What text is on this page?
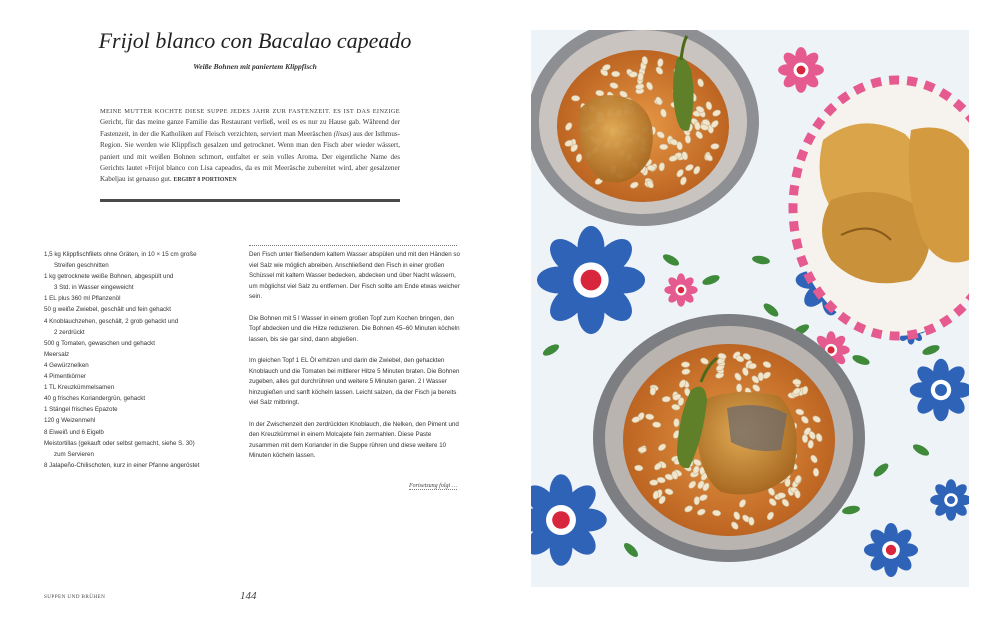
Frijol blanco con Bacalao capeado
Weiße Bohnen mit paniertem Klippfisch

MEINE MUTTER KOCHTE DIESE SUPPE JEDES JAHR ZUR FASTENZEIT. ES IST DAS EINZIGE Gericht, für das meine ganze Familie das Restaurant verließ, weil es es nur zu Hause gab. Während der Fastenzeit, in der die Katholiken auf Fleisch verzichten, serviert man Meeräschen (lisas) aus der Isthmus-Region. Sie werden wie Klippfisch gesalzen und getrocknet. Wenn man den Fisch aber wieder wässert, paniert und mit weißen Bohnen schmort, entfaltet er sein volles Aroma. Der eigentliche Name des Gerichts lautet »Frijol blanco con Lisa capeados, da es mit Meeräsche zubereitet wird, aber gesalzener Kabeljau ist genauso gut. ERGIBT 8 PORTIONEN

1,5 kg Klippfischfilets ohne Gräten, in 10 × 15 cm große
Streifen geschnitten
1 kg getrocknete weiße Bohnen, abgespült und
3 Std. in Wasser eingeweicht
1 EL plus 360 ml Pflanzenöl
50 g weiße Zwiebel, geschält und fein gehackt
4 Knoblauchzehen, geschält, 2 grob gehackt und
2 zerdrückt
500 g Tomaten, gewaschen und gehackt
Meersalz
4 Gewürznelken
4 Pimentkörner
1 TL Kreuzkümmelsamen
40 g frisches Koriandergrün, gehackt
1 Stängel frisches Epazote
120 g Weizenmehl
8 Eiweiß und 6 Eigelb
Meistortillas (gekauft oder selbst gemacht, siehe S. 30)
zum Servieren
8 Jalapeño-Chilischoten, kurz in einer Pfanne angeröstet

Den Fisch unter fließendem kaltem Wasser abspülen und mit den Händen so viel Salz wie möglich abreiben. Anschließend den Fisch in einer großen Schüssel mit kaltem Wasser bedecken, abdecken und über Nacht wässern, um möglichst viel Salz zu entfernen. Der Fisch sollte am Ende etwas weicher sein.

Die Bohnen mit 5 l Wasser in einem großen Topf zum Kochen bringen, den Topf abdecken und die Hitze reduzieren. Die Bohnen 45–60 Minuten köcheln lassen, bis sie gar sind, dann abgießen.

Im gleichen Topf 1 EL Öl erhitzen und darin die Zwiebel, den gehackten Knoblauch und die Tomaten bei mittlerer Hitze 5 Minuten braten. Die Bohnen zugeben, alles gut durchrühren und weitere 5 Minuten garen. 2 l Wasser hinzugießen und sanft köcheln lassen. Leicht salzen, da der Fisch ja bereits viel Salz mitbringt.

In der Zwischenzeit den zerdrückten Knoblauch, die Nelken, den Piment und den Kreuzkümmel in einem Molcajete fein zermahlen. Diese Paste zusammen mit dem Koriander in die Suppe rühren und diese weitere 10 Minuten köcheln lassen.

Fortsetzung folgt …
SUPPEN UND BRÜHEN	144
